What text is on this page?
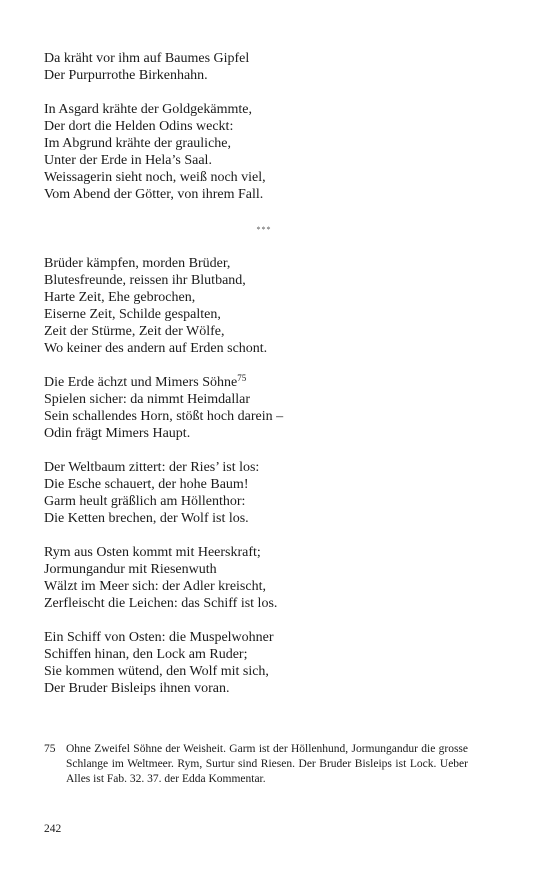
Da kräht vor ihm auf Baumes Gipfel
Der Purpurrothe Birkenhahn.
In Asgard krähte der Goldgekämmte,
Der dort die Helden Odins weckt:
Im Abgrund krähte der grauliche,
Unter der Erde in Hela’s Saal.
Weissagerin sieht noch, weiß noch viel,
Vom Abend der Götter, von ihrem Fall.
***
Brüder kämpfen, morden Brüder,
Blutesfreunde, reissen ihr Blutband,
Harte Zeit, Ehe gebrochen,
Eiserne Zeit, Schilde gespalten,
Zeit der Stürme, Zeit der Wölfe,
Wo keiner des andern auf Erden schont.
Die Erde ächzt und Mimers Söhne$^{75}$
Spielen sicher: da nimmt Heimdallar
Sein schallendes Horn, stößt hoch darein –
Odin frägt Mimers Haupt.
Der Weltbaum zittert: der Ries’ ist los:
Die Esche schauert, der hohe Baum!
Garm heult gräßlich am Höllenthor:
Die Ketten brechen, der Wolf ist los.
Rym aus Osten kommt mit Heerskraft;
Jormungandur mit Riesenwuth
Wälzt im Meer sich: der Adler kreischt,
Zerfleischt die Leichen: das Schiff ist los.
Ein Schiff von Osten: die Muspelwohner
Schiffen hinan, den Lock am Ruder;
Sie kommen wütend, den Wolf mit sich,
Der Bruder Bisleips ihnen voran.
75 Ohne Zweifel Söhne der Weisheit. Garm ist der Höllenhund, Jormungandur die grosse Schlange im Weltmeer. Rym, Surtur sind Riesen. Der Bruder Bisleips ist Lock. Ueber Alles ist Fab. 32. 37. der Edda Kommentar.
242
